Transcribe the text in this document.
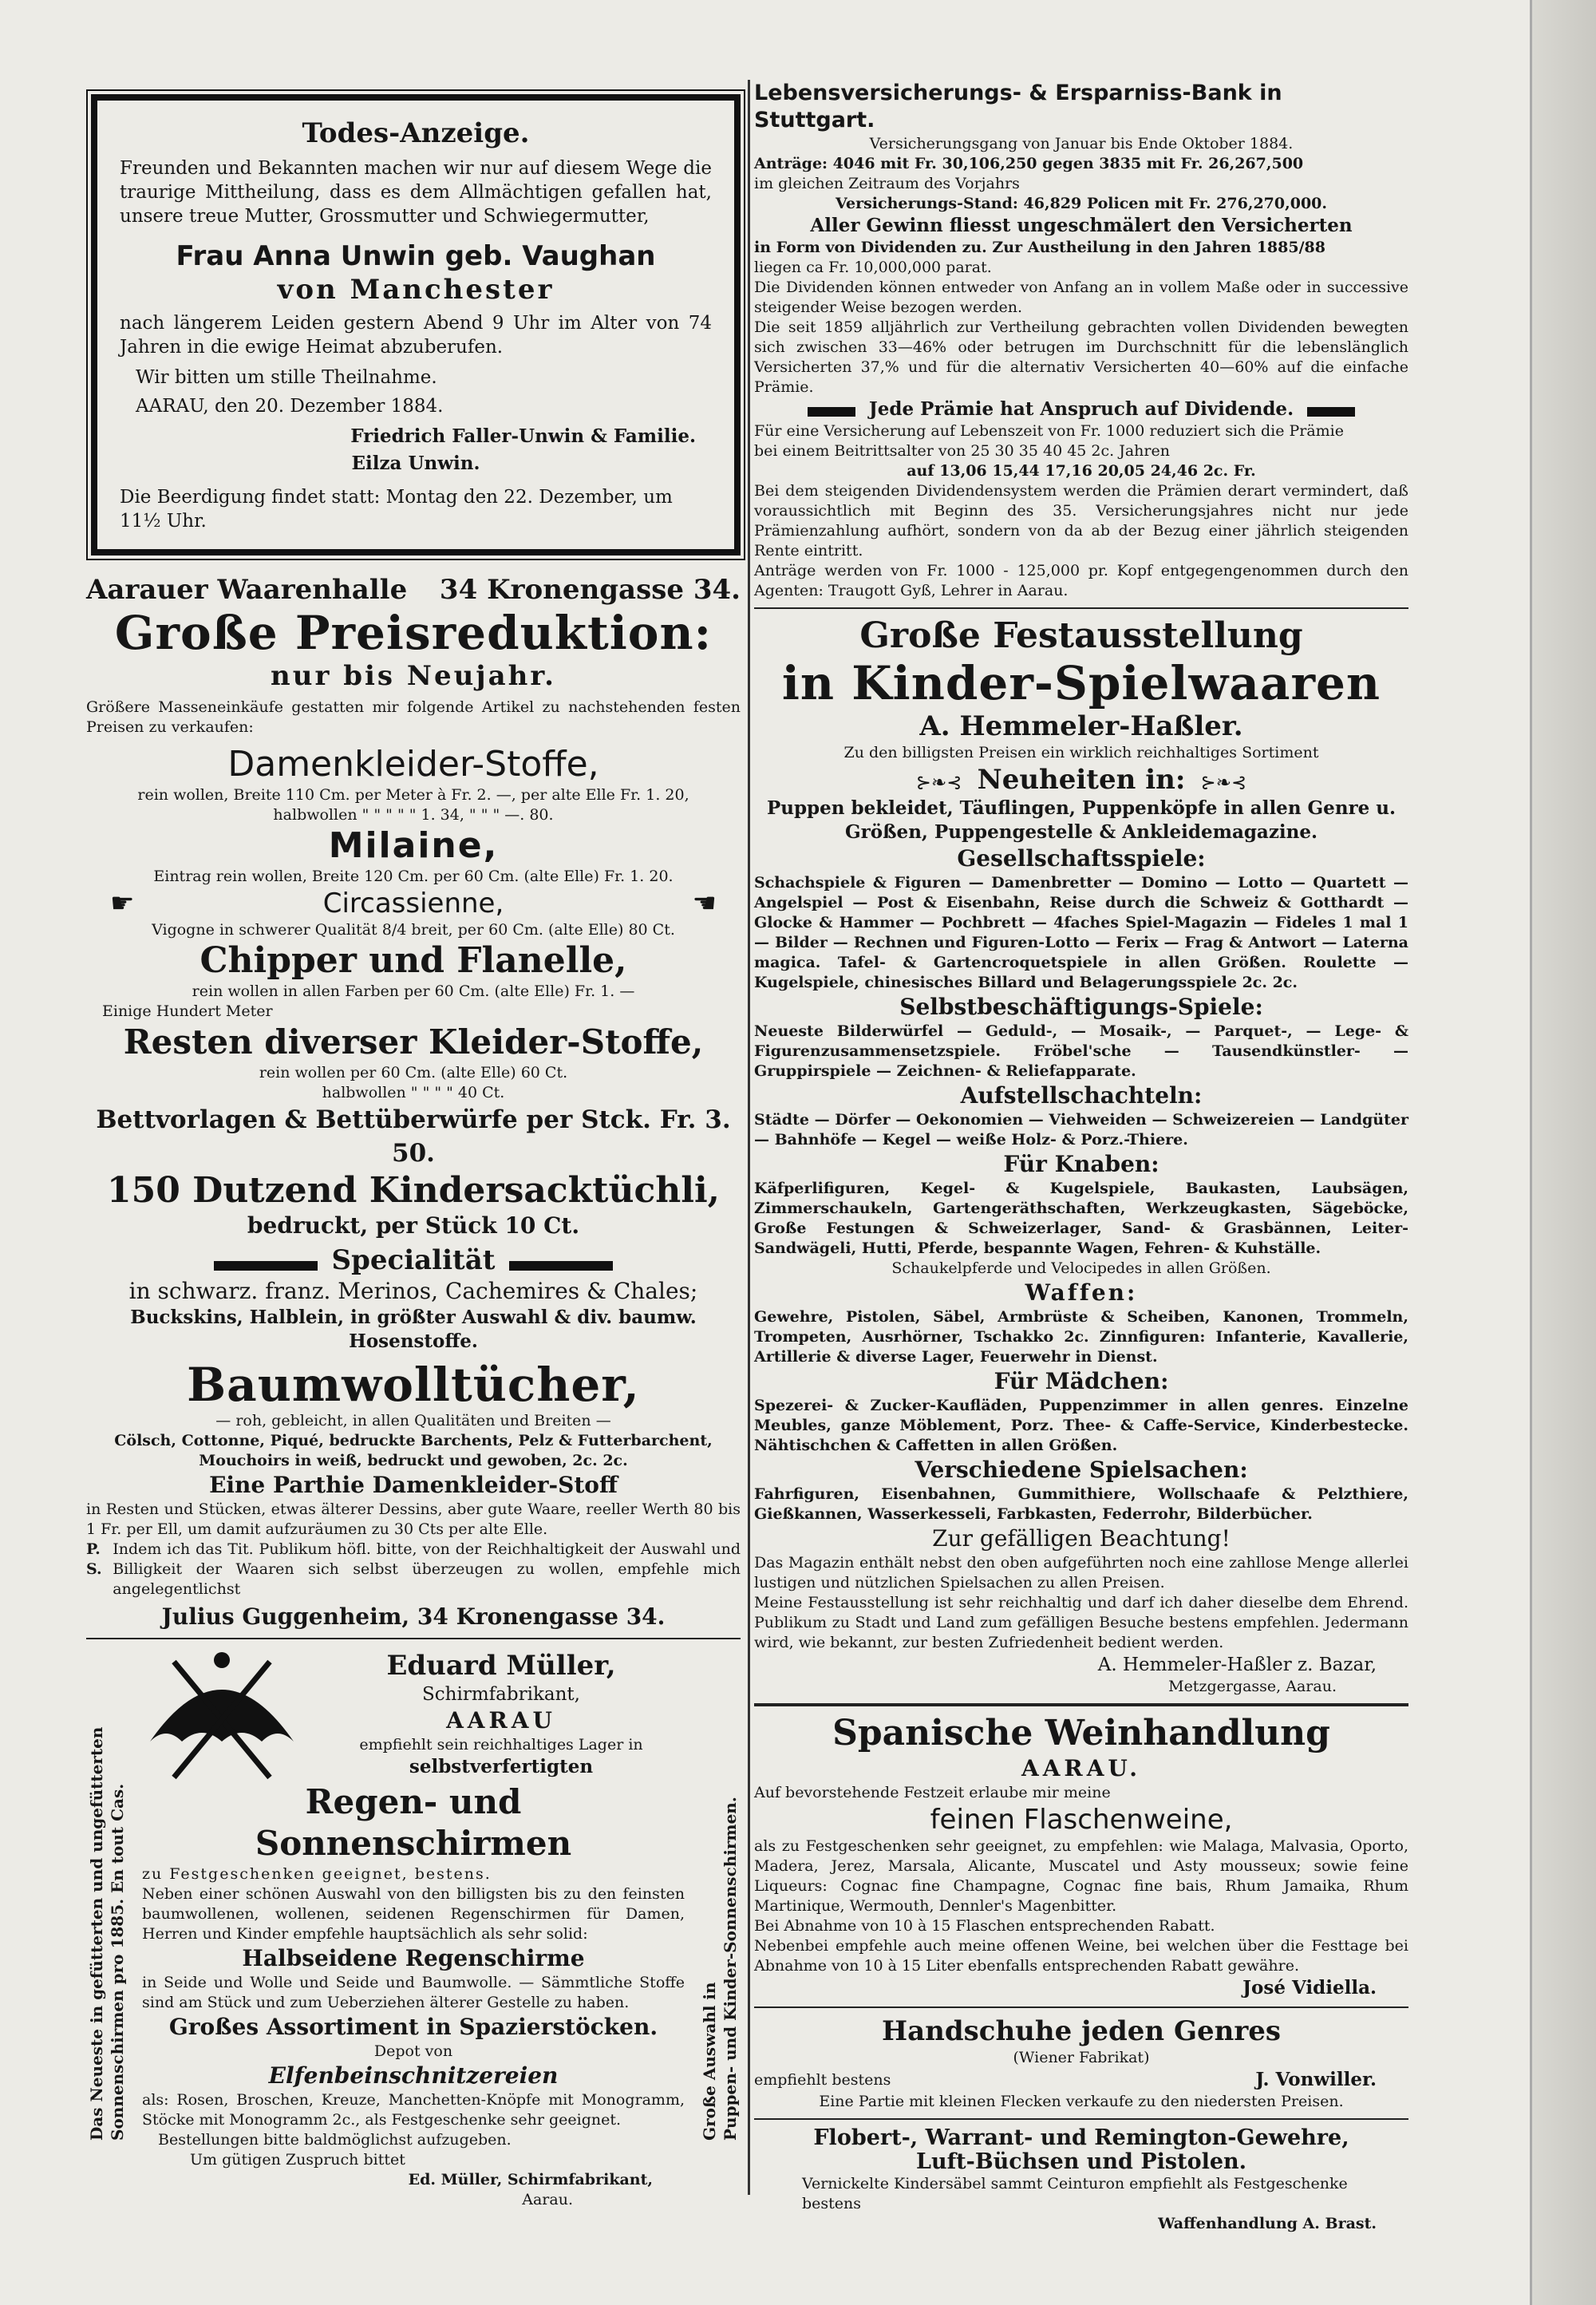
Todes-Anzeige.

Freunden und Bekannten machen wir nur auf diesem Wege die traurige Mittheilung, dass es dem Allmächtigen gefallen hat, unsere treue Mutter, Grossmutter und Schwiegermutter,

Frau Anna Unwin geb. Vaughan

von Manchester

nach längerem Leiden gestern Abend 9 Uhr im Alter von 74 Jahren in die ewige Heimat abzuberufen.

Wir bitten um stille Theilnahme.

AARAU, den 20. Dezember 1884.

Friedrich Faller-Unwin & Familie.

Eilza Unwin.

Die Beerdigung findet statt: Montag den 22. Dezember, um 11½ Uhr.

Aarauer Waarenhalle 34 Kronengasse 34.

Große Preisreduktion:

nur bis Neujahr.

Größere Masseneinkäufe gestatten mir folgende Artikel zu nachstehenden festen Preisen zu verkaufen:

Damenkleider-Stoffe,

rein wollen, Breite 110 Cm. per Meter à Fr. 2. —, per alte Elle Fr. 1. 20,

halbwollen " " " " " 1. 34, " " " —. 80.

Milaine,

Eintrag rein wollen, Breite 120 Cm. per 60 Cm. (alte Elle) Fr. 1. 20.

☛	Circassienne,	☚

Vigogne in schwerer Qualität 8/4 breit, per 60 Cm. (alte Elle) 80 Ct.

Chipper und Flanelle,

rein wollen in allen Farben per 60 Cm. (alte Elle) Fr. 1. —

Einige Hundert Meter

Resten diverser Kleider-Stoffe,

rein wollen per 60 Cm. (alte Elle) 60 Ct.

halbwollen " " " " 40 Ct.

Bettvorlagen & Bettüberwürfe per Stck. Fr. 3. 50.

150 Dutzend Kindersacktüchli,

bedruckt, per Stück 10 Ct.

Specialität

in schwarz. franz. Merinos, Cachemires & Chales;

Buckskins, Halblein, in größter Auswahl & div. baumw. Hosenstoffe.

Baumwolltücher,

— roh, gebleicht, in allen Qualitäten und Breiten —

Cölsch, Cottonne, Piqué, bedruckte Barchents, Pelz & Futterbarchent, Mouchoirs in weiß, bedruckt und gewoben, 2c. 2c.

Eine Parthie Damenkleider-Stoff

in Resten und Stücken, etwas älterer Dessins, aber gute Waare, reeller Werth 80 bis 1 Fr. per Ell, um damit aufzuräumen zu 30 Cts per alte Elle.

P. S.
Indem ich das Tit. Publikum höfl. bitte, von der Reichhaltigkeit der Auswahl und Billigkeit der Waaren sich selbst überzeugen zu wollen, empfehle mich angelegentlichst

Julius Guggenheim, 34 Kronengasse 34.

Das Neueste in gefütterten und ungefütterten Sonnenschirmen pro 1885. En tout Cas.	Große Auswahl in Puppen- und Kinder-Sonnenschirmen.

Eduard Müller,

Schirmfabrikant,

AARAU

empfiehlt sein reichhaltiges Lager in

selbstverfertigten

Regen- und Sonnenschirmen

zu Festgeschenken geeignet, bestens.

Neben einer schönen Auswahl von den billigsten bis zu den feinsten baumwollenen, wollenen, seidenen Regenschirmen für Damen, Herren und Kinder empfehle hauptsächlich als sehr solid:

Halbseidene Regenschirme

in Seide und Wolle und Seide und Baumwolle. — Sämmtliche Stoffe sind am Stück und zum Ueberziehen älterer Gestelle zu haben.

Großes Assortiment in Spazierstöcken.

Depot von

Elfenbeinschnitzereien

als: Rosen, Broschen, Kreuze, Manchetten-Knöpfe mit Monogramm, Stöcke mit Monogramm 2c., als Festgeschenke sehr geeignet.

Bestellungen bitte baldmöglichst aufzugeben.

Um gütigen Zuspruch bittet

Ed. Müller, Schirmfabrikant,

Aarau.

Lebensversicherungs- & Ersparniss-Bank in Stuttgart.

Versicherungsgang von Januar bis Ende Oktober 1884.

Anträge: 4046 mit Fr. 30,106,250 gegen 3835 mit Fr. 26,267,500

im gleichen Zeitraum des Vorjahrs

Versicherungs-Stand: 46,829 Policen mit Fr. 276,270,000.

Aller Gewinn fliesst ungeschmälert den Versicherten

in Form von Dividenden zu. Zur Austheilung in den Jahren 1885/88

liegen ca Fr. 10,000,000 parat.

Die Dividenden können entweder von Anfang an in vollem Maße oder in successive steigender Weise bezogen werden.

Die seit 1859 alljährlich zur Vertheilung gebrachten vollen Dividenden bewegten sich zwischen 33—46% oder betrugen im Durchschnitt für die lebenslänglich Versicherten 37,% und für die alternativ Versicherten 40—60% auf die einfache Prämie.

Jede Prämie hat Anspruch auf Dividende.

Für eine Versicherung auf Lebenszeit von Fr. 1000 reduziert sich die Prämie

bei einem Beitrittsalter von 25 30 35 40 45 2c. Jahren

auf 13,06 15,44 17,16 20,05 24,46 2c. Fr.

Bei dem steigenden Dividendensystem werden die Prämien derart vermindert, daß voraussichtlich mit Beginn des 35. Versicherungsjahres nicht nur jede Prämienzahlung aufhört, sondern von da ab der Bezug einer jährlich steigenden Rente eintritt.

Anträge werden von Fr. 1000 - 125,000 pr. Kopf entgegengenommen durch den Agenten: Traugott Gyß, Lehrer in Aarau.

Große Festausstellung

in Kinder-Spielwaaren

A. Hemmeler-Haßler.

Zu den billigsten Preisen ein wirklich reichhaltiges Sortiment

⊱❧⊰ Neuheiten in: ⊱❧⊰

Puppen bekleidet, Täuflingen, Puppenköpfe in allen Genre u. Größen, Puppengestelle & Ankleidemagazine.

Gesellschaftsspiele:

Schachspiele & Figuren — Damenbretter — Domino — Lotto — Quartett — Angelspiel — Post & Eisenbahn, Reise durch die Schweiz & Gotthardt — Glocke & Hammer — Pochbrett — 4faches Spiel-Magazin — Fideles 1 mal 1 — Bilder — Rechnen und Figuren-Lotto — Ferix — Frag & Antwort — Laterna magica. Tafel- & Gartencroquetspiele in allen Größen. Roulette — Kugelspiele, chinesisches Billard und Belagerungsspiele 2c. 2c.

Selbstbeschäftigungs-Spiele:

Neueste Bilderwürfel — Geduld-, — Mosaik-, — Parquet-, — Lege- & Figurenzusammensetzspiele. Fröbel'sche — Tausendkünstler- — Gruppirspiele — Zeichnen- & Reliefapparate.

Aufstellschachteln:

Städte — Dörfer — Oekonomien — Viehweiden — Schweizereien — Landgüter — Bahnhöfe — Kegel — weiße Holz- & Porz.-Thiere.

Für Knaben:

Käfperlifiguren, Kegel- & Kugelspiele, Baukasten, Laubsägen, Zimmerschaukeln, Gartengeräthschaften, Werkzeugkasten, Sägeböcke, Große Festungen & Schweizerlager, Sand- & Grasbännen, Leiter- Sandwägeli, Hutti, Pferde, bespannte Wagen, Fehren- & Kuhställe.

Schaukelpferde und Velocipedes in allen Größen.

Waffen:

Gewehre, Pistolen, Säbel, Armbrüste & Scheiben, Kanonen, Trommeln, Trompeten, Ausrhörner, Tschakko 2c. Zinnfiguren: Infanterie, Kavallerie, Artillerie & diverse Lager, Feuerwehr in Dienst.

Für Mädchen:

Spezerei- & Zucker-Kaufläden, Puppenzimmer in allen genres. Einzelne Meubles, ganze Möblement, Porz. Thee- & Caffe-Service, Kinderbestecke. Nähtischchen & Caffetten in allen Größen.

Verschiedene Spielsachen:

Fahrfiguren, Eisenbahnen, Gummithiere, Wollschaafe & Pelzthiere, Gießkannen, Wasserkesseli, Farbkasten, Federrohr, Bilderbücher.

Zur gefälligen Beachtung!

Das Magazin enthält nebst den oben aufgeführten noch eine zahllose Menge allerlei lustigen und nützlichen Spielsachen zu allen Preisen.

Meine Festausstellung ist sehr reichhaltig und darf ich daher dieselbe dem Ehrend. Publikum zu Stadt und Land zum gefälligen Besuche bestens empfehlen. Jedermann wird, wie bekannt, zur besten Zufriedenheit bedient werden.

A. Hemmeler-Haßler z. Bazar,

Metzgergasse, Aarau.

Spanische Weinhandlung

AARAU.

Auf bevorstehende Festzeit erlaube mir meine

feinen Flaschenweine,

als zu Festgeschenken sehr geeignet, zu empfehlen: wie Malaga, Malvasia, Oporto, Madera, Jerez, Marsala, Alicante, Muscatel und Asty mousseux; sowie feine Liqueurs: Cognac fine Champagne, Cognac fine bais, Rhum Jamaika, Rhum Martinique, Wermouth, Dennler's Magenbitter.

Bei Abnahme von 10 à 15 Flaschen entsprechenden Rabatt.

Nebenbei empfehle auch meine offenen Weine, bei welchen über die Festtage bei Abnahme von 10 à 15 Liter ebenfalls entsprechenden Rabatt gewähre.

José Vidiella.

Handschuhe jeden Genres

(Wiener Fabrikat)

empfiehlt bestens	J. Vonwiller.

Eine Partie mit kleinen Flecken verkaufe zu den niedersten Preisen.

Flobert-, Warrant- und Remington-Gewehre,

Luft-Büchsen und Pistolen.

Vernickelte Kindersäbel sammt Ceinturon empfiehlt als Festgeschenke bestens

Waffenhandlung A. Brast.
